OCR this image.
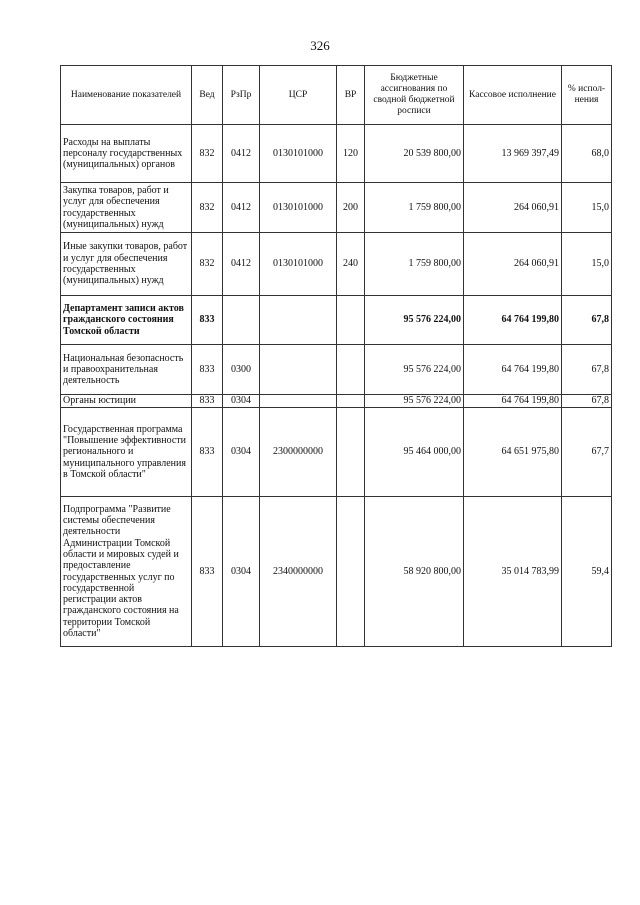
326
Наименование показателей	Вед	РзПр	ЦСР	ВР	Бюджетные ассигнования по сводной бюджетной росписи	Кассовое исполнение	% испол-нения
Расходы на выплаты персоналу государственных (муниципальных) органов	832	0412	0130101000	120	20 539 800,00	13 969 397,49	68,0
Закупка товаров, работ и услуг для обеспечения государственных (муниципальных) нужд	832	0412	0130101000	200	1 759 800,00	264 060,91	15,0
Иные закупки товаров, работ и услуг для обеспечения государственных (муниципальных) нужд	832	0412	0130101000	240	1 759 800,00	264 060,91	15,0
Департамент записи актов гражданского состояния Томской области	833				95 576 224,00	64 764 199,80	67,8
Национальная безопасность и правоохранительная деятельность	833	0300			95 576 224,00	64 764 199,80	67,8
Органы юстиции	833	0304			95 576 224,00	64 764 199,80	67,8
Государственная программа "Повышение эффективности регионального и муниципального управления в Томской области"	833	0304	2300000000		95 464 000,00	64 651 975,80	67,7
Подпрограмма "Развитие системы обеспечения деятельности Администрации Томской области и мировых судей и предоставление государственных услуг по государственной регистрации актов гражданского состояния на территории Томской области"	833	0304	2340000000		58 920 800,00	35 014 783,99	59,4
